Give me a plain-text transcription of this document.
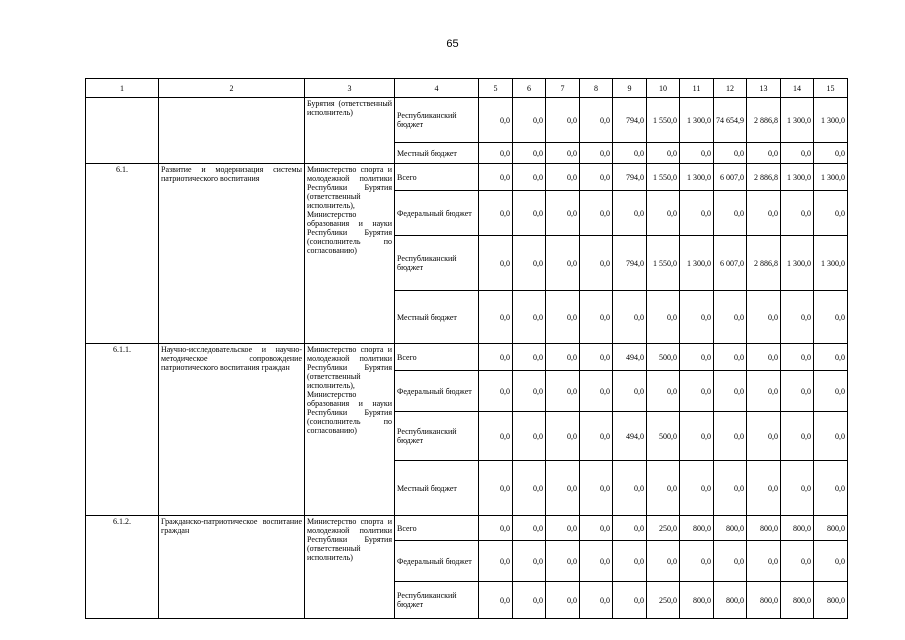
65
1	2	3	4	5	6	7	8	9	10	11	12	13	14	15
		Бурятия (ответственный исполнитель)	Республиканский бюджет	0,0	0,0	0,0	0,0	794,0	1 550,0	1 300,0	74 654,9	2 886,8	1 300,0	1 300,0
			Местный бюджет	0,0	0,0	0,0	0,0	0,0	0,0	0,0	0,0	0,0	0,0	0,0
6.1.	Развитие и модернизация системы патриотического воспитания	Министерство спорта и молодежной политики Республики Бурятия (ответственный исполнитель), Министерство образования и науки Республики Бурятия (соисполнитель по согласованию)	Всего	0,0	0,0	0,0	0,0	794,0	1 550,0	1 300,0	6 007,0	2 886,8	1 300,0	1 300,0
			Федеральный бюджет	0,0	0,0	0,0	0,0	0,0	0,0	0,0	0,0	0,0	0,0	0,0
			Республиканский бюджет	0,0	0,0	0,0	0,0	794,0	1 550,0	1 300,0	6 007,0	2 886,8	1 300,0	1 300,0
			Местный бюджет	0,0	0,0	0,0	0,0	0,0	0,0	0,0	0,0	0,0	0,0	0,0
6.1.1.	Научно-исследовательское и научно-методическое сопровождение патриотического воспитания граждан	Министерство спорта и молодежной политики Республики Бурятия (ответственный исполнитель), Министерство образования и науки Республики Бурятия (соисполнитель по согласованию)	Всего	0,0	0,0	0,0	0,0	494,0	500,0	0,0	0,0	0,0	0,0	0,0
			Федеральный бюджет	0,0	0,0	0,0	0,0	0,0	0,0	0,0	0,0	0,0	0,0	0,0
			Республиканский бюджет	0,0	0,0	0,0	0,0	494,0	500,0	0,0	0,0	0,0	0,0	0,0
			Местный бюджет	0,0	0,0	0,0	0,0	0,0	0,0	0,0	0,0	0,0	0,0	0,0
6.1.2.	Гражданско-патриотическое воспитание граждан	Министерство спорта и молодежной политики Республики Бурятия (ответственный исполнитель)	Всего	0,0	0,0	0,0	0,0	0,0	250,0	800,0	800,0	800,0	800,0	800,0
			Федеральный бюджет	0,0	0,0	0,0	0,0	0,0	0,0	0,0	0,0	0,0	0,0	0,0
			Республиканский бюджет	0,0	0,0	0,0	0,0	0,0	250,0	800,0	800,0	800,0	800,0	800,0
